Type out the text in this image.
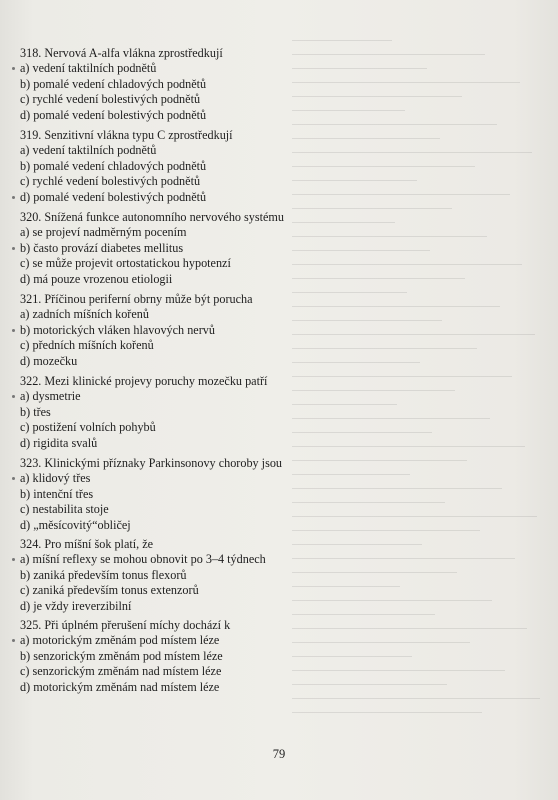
318. Nervová A-alfa vlákna zprostředkují
a) vedení taktilních podnětů
b) pomalé vedení chladových podnětů
c) rychlé vedení bolestivých podnětů
d) pomalé vedení bolestivých podnětů
319. Senzitivní vlákna typu C zprostředkují
a) vedení taktilních podnětů
b) pomalé vedení chladových podnětů
c) rychlé vedení bolestivých podnětů
d) pomalé vedení bolestivých podnětů
320. Snížená funkce autonomního nervového systému
a) se projeví nadměrným pocením
b) často provází diabetes mellitus
c) se může projevit ortostatickou hypotenzí
d) má pouze vrozenou etiologii
321. Příčinou periferní obrny může být porucha
a) zadních míšních kořenů
b) motorických vláken hlavových nervů
c) předních míšních kořenů
d) mozečku
322. Mezi klinické projevy poruchy mozečku patří
a) dysmetrie
b) třes
c) postižení volních pohybů
d) rigidita svalů
323. Klinickými příznaky Parkinsonovy choroby jsou
a) klidový třes
b) intenční třes
c) nestabilita stoje
d) „měsícovitý“obličej
324. Pro míšní šok platí, že
a) míšní reflexy se mohou obnovit po 3–4 týdnech
b) zaniká především tonus flexorů
c) zaniká především tonus extenzorů
d) je vždy ireverzibilní
325. Při úplném přerušení míchy dochází k
a) motorickým změnám pod místem léze
b) senzorickým změnám pod místem léze
c) senzorickým změnám nad místem léze
d) motorickým změnám nad místem léze
79
